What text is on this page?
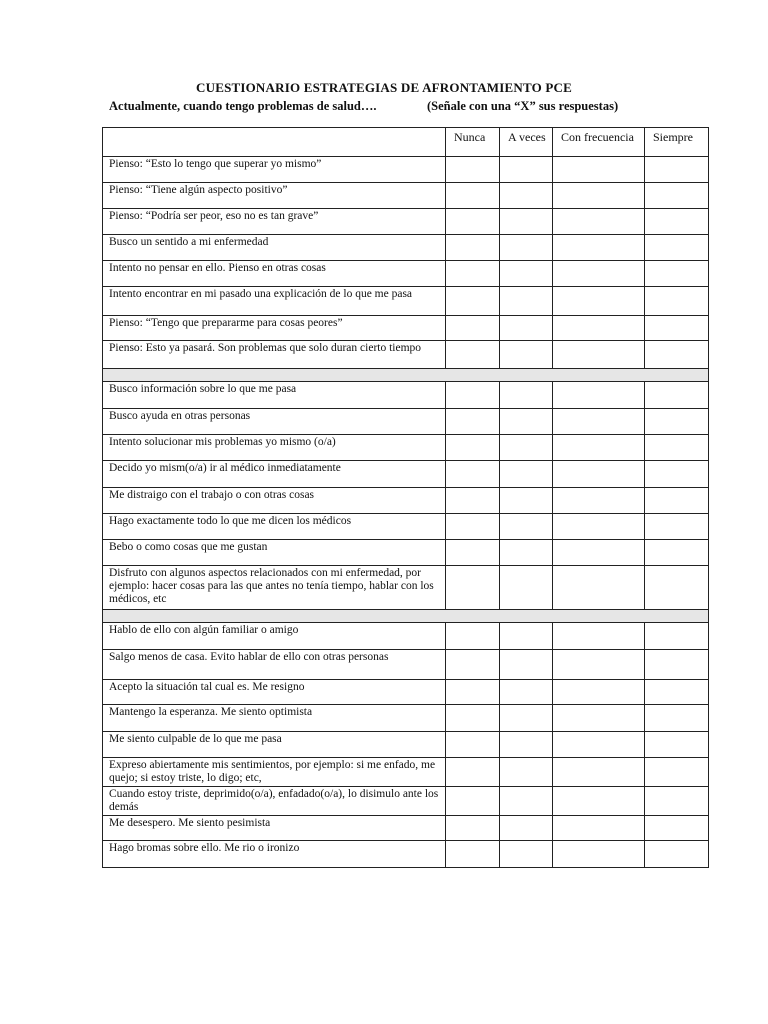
CUESTIONARIO ESTRATEGIAS DE AFRONTAMIENTO PCE
Actualmente, cuando tengo problemas de salud….	(Señale con una “X” sus respuestas)
	Nunca	A veces	Con frecuencia	Siempre
Pienso: “Esto lo tengo que superar yo mismo”				
Pienso: “Tiene algún aspecto positivo”				
Pienso: “Podría ser peor, eso no es tan grave”				
Busco un sentido a mi enfermedad				
Intento no pensar en ello. Pienso en otras cosas				
Intento encontrar en mi pasado una explicación de lo que me pasa				
Pienso: “Tengo que prepararme para cosas peores”				
Pienso: Esto ya pasará. Son problemas que solo duran cierto tiempo				

Busco información sobre lo que me pasa				
Busco ayuda en otras personas				
Intento solucionar mis problemas yo mismo (o/a)				
Decido yo mism(o/a) ir al médico inmediatamente				
Me distraigo con el trabajo o con otras cosas				
Hago exactamente todo lo que me dicen los médicos				
Bebo o como cosas que me gustan				
Disfruto con algunos aspectos relacionados con mi enfermedad, por ejemplo: hacer cosas para las que antes no tenía tiempo, hablar con los médicos, etc				

Hablo de ello con algún familiar o amigo				
Salgo menos de casa. Evito hablar de ello con otras personas				
Acepto la situación tal cual es. Me resigno				
Mantengo la esperanza. Me siento optimista				
Me siento culpable de lo que me pasa				
Expreso abiertamente mis sentimientos, por ejemplo: si me enfado, me quejo; si estoy triste, lo digo; etc,				
Cuando estoy triste, deprimido(o/a), enfadado(o/a), lo disimulo ante los demás				
Me desespero. Me siento pesimista				
Hago bromas sobre ello. Me rio o ironizo				
